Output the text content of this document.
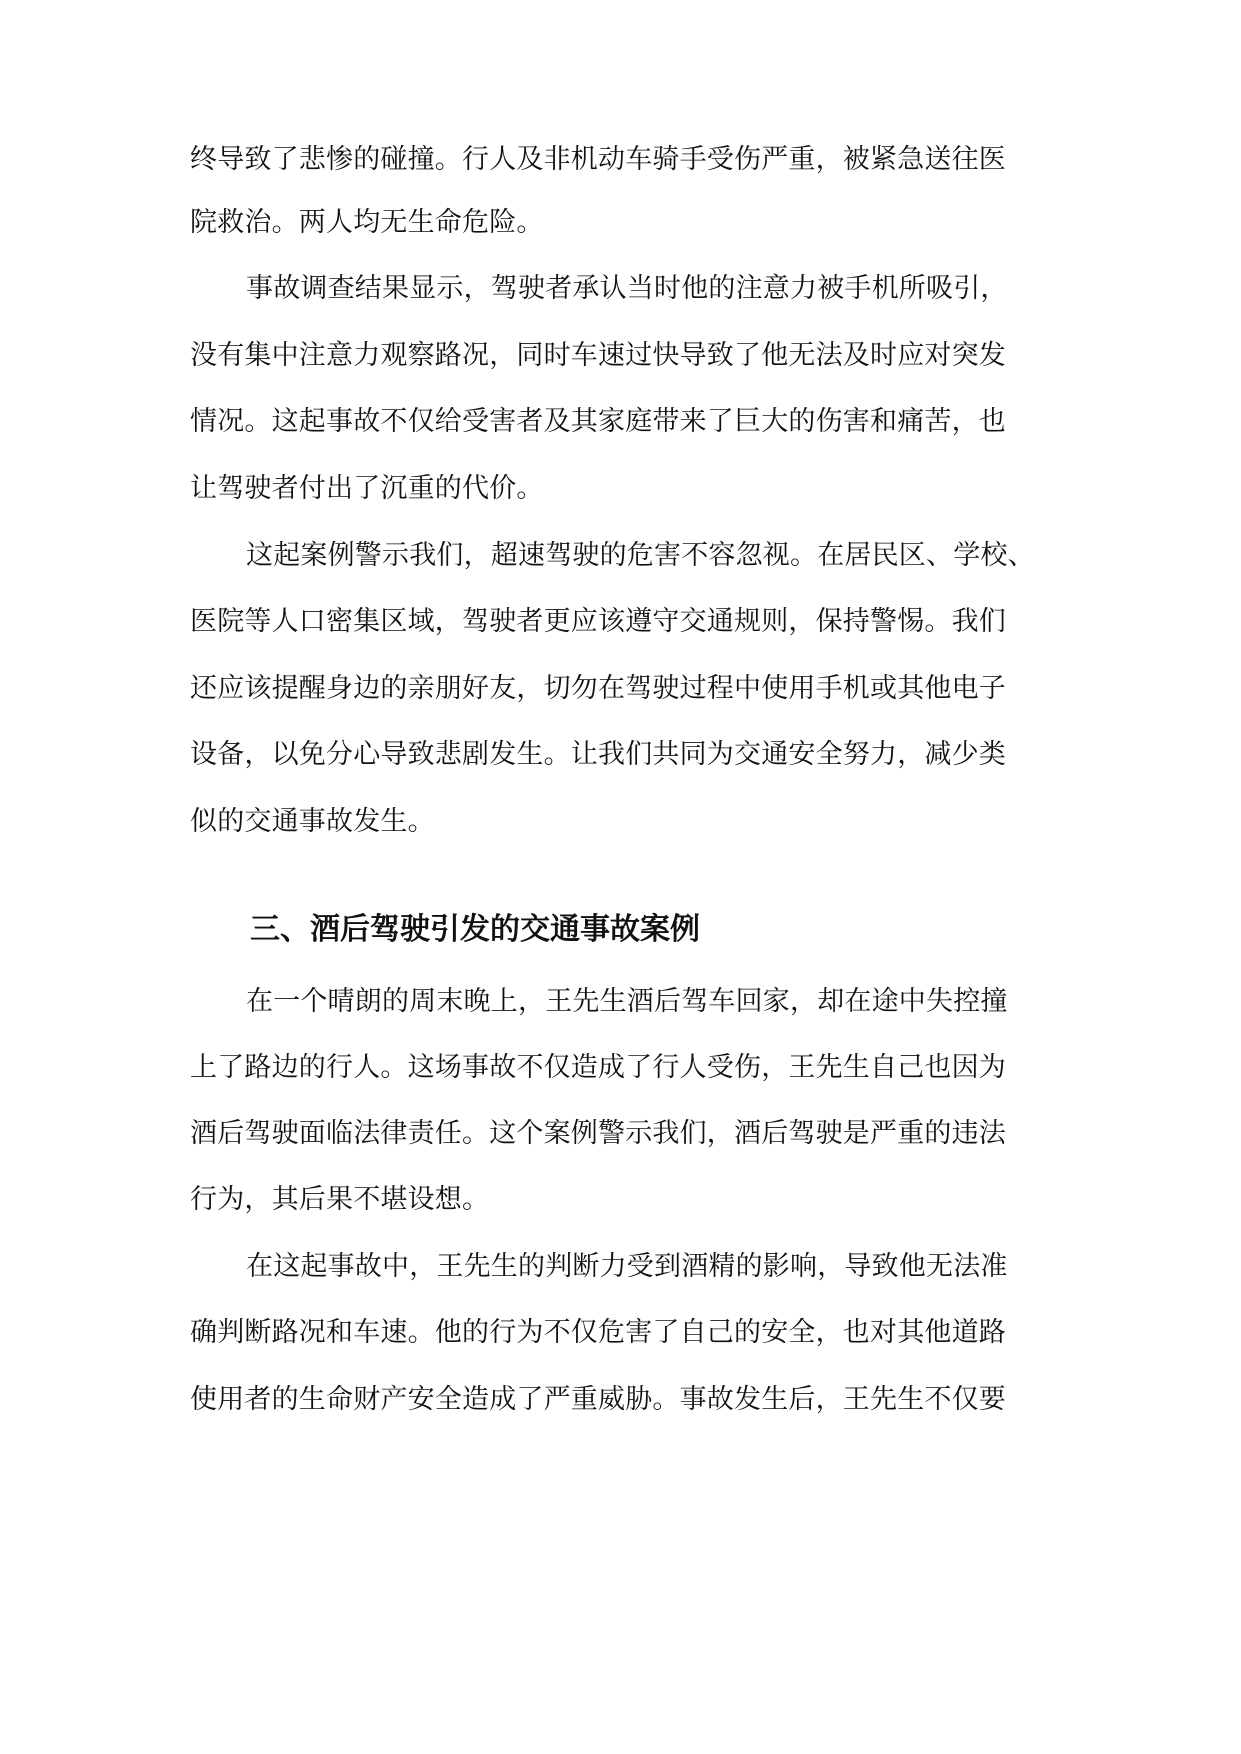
终导致了悲惨的碰撞。行人及非机动车骑手受伤严重，被紧急送往医
院救治。两人均无生命危险。
事故调查结果显示，驾驶者承认当时他的注意力被手机所吸引，
没有集中注意力观察路况，同时车速过快导致了他无法及时应对突发
情况。这起事故不仅给受害者及其家庭带来了巨大的伤害和痛苦，也
让驾驶者付出了沉重的代价。
这起案例警示我们，超速驾驶的危害不容忽视。在居民区、学校、
医院等人口密集区域，驾驶者更应该遵守交通规则，保持警惕。我们
还应该提醒身边的亲朋好友，切勿在驾驶过程中使用手机或其他电子
设备，以免分心导致悲剧发生。让我们共同为交通安全努力，减少类
似的交通事故发生。
三、酒后驾驶引发的交通事故案例
在一个晴朗的周末晚上，王先生酒后驾车回家，却在途中失控撞
上了路边的行人。这场事故不仅造成了行人受伤，王先生自己也因为
酒后驾驶面临法律责任。这个案例警示我们，酒后驾驶是严重的违法
行为，其后果不堪设想。
在这起事故中，王先生的判断力受到酒精的影响，导致他无法准
确判断路况和车速。他的行为不仅危害了自己的安全，也对其他道路
使用者的生命财产安全造成了严重威胁。事故发生后，王先生不仅要
